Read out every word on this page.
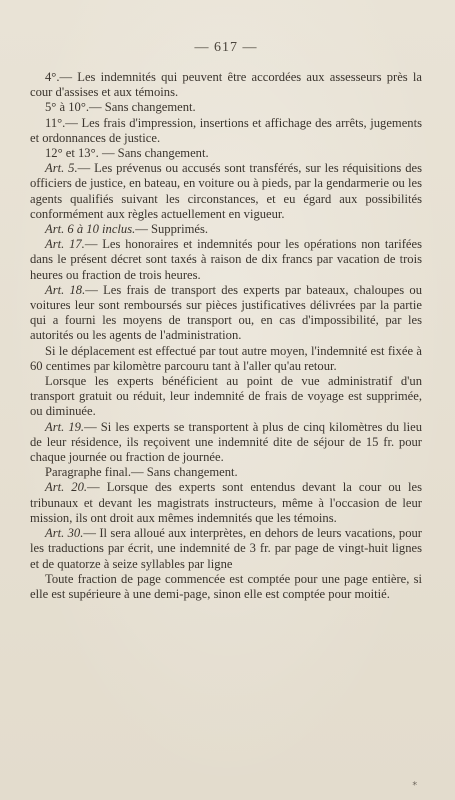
— 617 —

4°.— Les indemnités qui peuvent être accordées aux assesseurs près la cour d'assises et aux témoins.

5° à 10°.— Sans changement.

11°.— Les frais d'impression, insertions et affichage des arrêts, jugements et ordonnances de justice.

12° et 13°. — Sans changement.

Art. 5.— Les prévenus ou accusés sont transférés, sur les réquisitions des officiers de justice, en bateau, en voiture ou à pieds, par la gendarmerie ou les agents qualifiés suivant les circonstances, et eu égard aux possibilités conformément aux règles actuellement en vigueur.

Art. 6 à 10 inclus.— Supprimés.

Art. 17.— Les honoraires et indemnités pour les opérations non tarifées dans le présent décret sont taxés à raison de dix francs par vacation de trois heures ou fraction de trois heures.

Art. 18.— Les frais de transport des experts par bateaux, chaloupes ou voitures leur sont remboursés sur pièces justificatives délivrées par la partie qui a fourni les moyens de transport ou, en cas d'impossibilité, par les autorités ou les agents de l'administration.

Si le déplacement est effectué par tout autre moyen, l'indemnité est fixée à 60 centimes par kilomètre parcouru tant à l'aller qu'au retour.

Lorsque les experts bénéficient au point de vue administratif d'un transport gratuit ou réduit, leur indemnité de frais de voyage est supprimée, ou diminuée.

Art. 19.— Si les experts se transportent à plus de cinq kilomètres du lieu de leur résidence, ils reçoivent une indemnité dite de séjour de 15 fr. pour chaque journée ou fraction de journée.

Paragraphe final.— Sans changement.

Art. 20.— Lorsque des experts sont entendus devant la cour ou les tribunaux et devant les magistrats instructeurs, même à l'occasion de leur mission, ils ont droit aux mêmes indemnités que les témoins.

Art. 30.— Il sera alloué aux interprètes, en dehors de leurs vacations, pour les traductions par écrit, une indemnité de 3 fr. par page de vingt-huit lignes et de quatorze à seize syllables par ligne

Toute fraction de page commencée est comptée pour une page entière, si elle est supérieure à une demi-page, sinon elle est comptée pour moitié.

⁎
